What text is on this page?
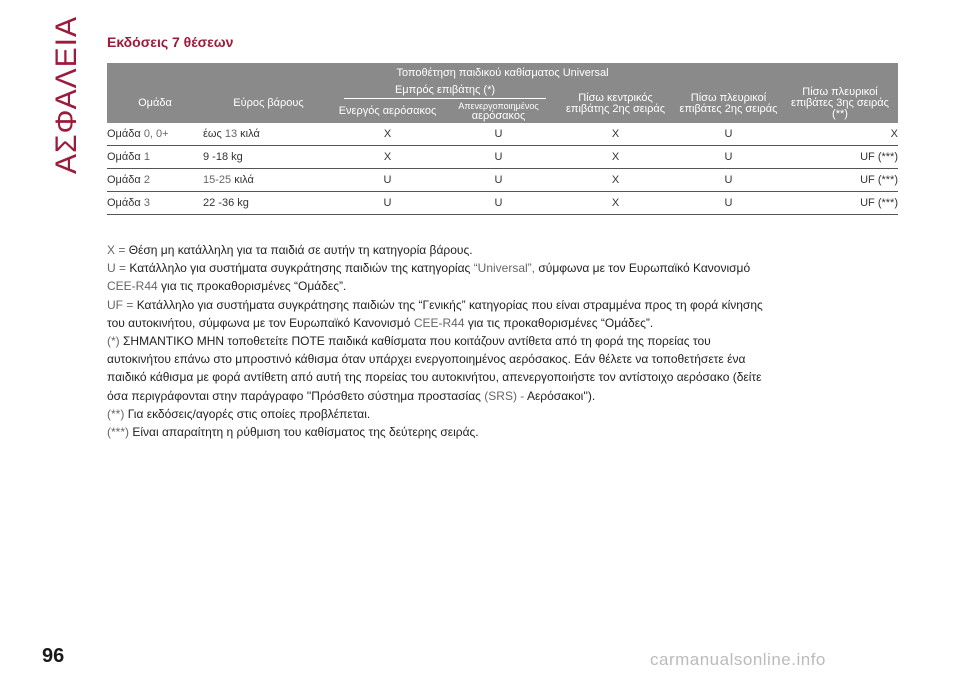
ΑΣΦΑΛΕΙΑ Εκδόσεις 7 θέσεων
Τοποθέτηση παιδικού καθίσματος Universal						
Ομάδα	Εύρος βάρους	Εμπρός επιβάτης (*)		Πίσω κεντρικός επιβάτης 2ης σειράς	Πίσω πλευρικοί επιβάτες 2ης σειράς	Πίσω πλευρικοί επιβάτες 3ης σειράς (**)
		Ενεργός αερόσακος	Απενεργοποιημένος
αερόσακος			

Ομάδα 0, 0+	έως 13 κιλά	X	U	X	U	X
Ομάδα 1	9 -18 kg	X	U	X	U	UF (***)
Ομάδα 2	15-25 κιλά	U	U	X	U	UF (***)
Ομάδα 3	22 -36 kg	U	U	X	U	UF (***)

X = Θέση μη κατάλληλη για τα παιδιά σε αυτήν τη κατηγορία βάρους.

U = Κατάλληλο για συστήματα συγκράτησης παιδιών της κατηγορίας “Universal”, σύμφωνα με τον Ευρωπαϊκό Κανονισμό
CEE-R44 για τις προκαθορισμένες “Ομάδες”.

UF = Κατάλληλο για συστήματα συγκράτησης παιδιών της “Γενικής” κατηγορίας που είναι στραμμένα προς τη φορά κίνησης
του αυτοκινήτου, σύμφωνα με τον Ευρωπαϊκό Κανονισμό CEE-R44 για τις προκαθορισμένες “Ομάδες”.

(*) ΣΗΜΑΝΤΙΚΟ ΜΗΝ τοποθετείτε ΠΟΤΕ παιδικά καθίσματα που κοιτάζουν αντίθετα από τη φορά της πορείας του
αυτοκινήτου επάνω στο μπροστινό κάθισμα όταν υπάρχει ενεργοποιημένος αερόσακος. Εάν θέλετε να τοποθετήσετε ένα
παιδικό κάθισμα με φορά αντίθετη από αυτή της πορείας του αυτοκινήτου, απενεργοποιήστε τον αντίστοιχο αερόσακο (δείτε
όσα περιγράφονται στην παράγραφο ''Πρόσθετο σύστημα προστασίας (SRS) - Αερόσακοι'').

(**) Για εκδόσεις/αγορές στις οποίες προβλέπεται.

(***) Είναι απαραίτητη η ρύθμιση του καθίσματος της δεύτερης σειράς.

96	carmanualsonline.info
